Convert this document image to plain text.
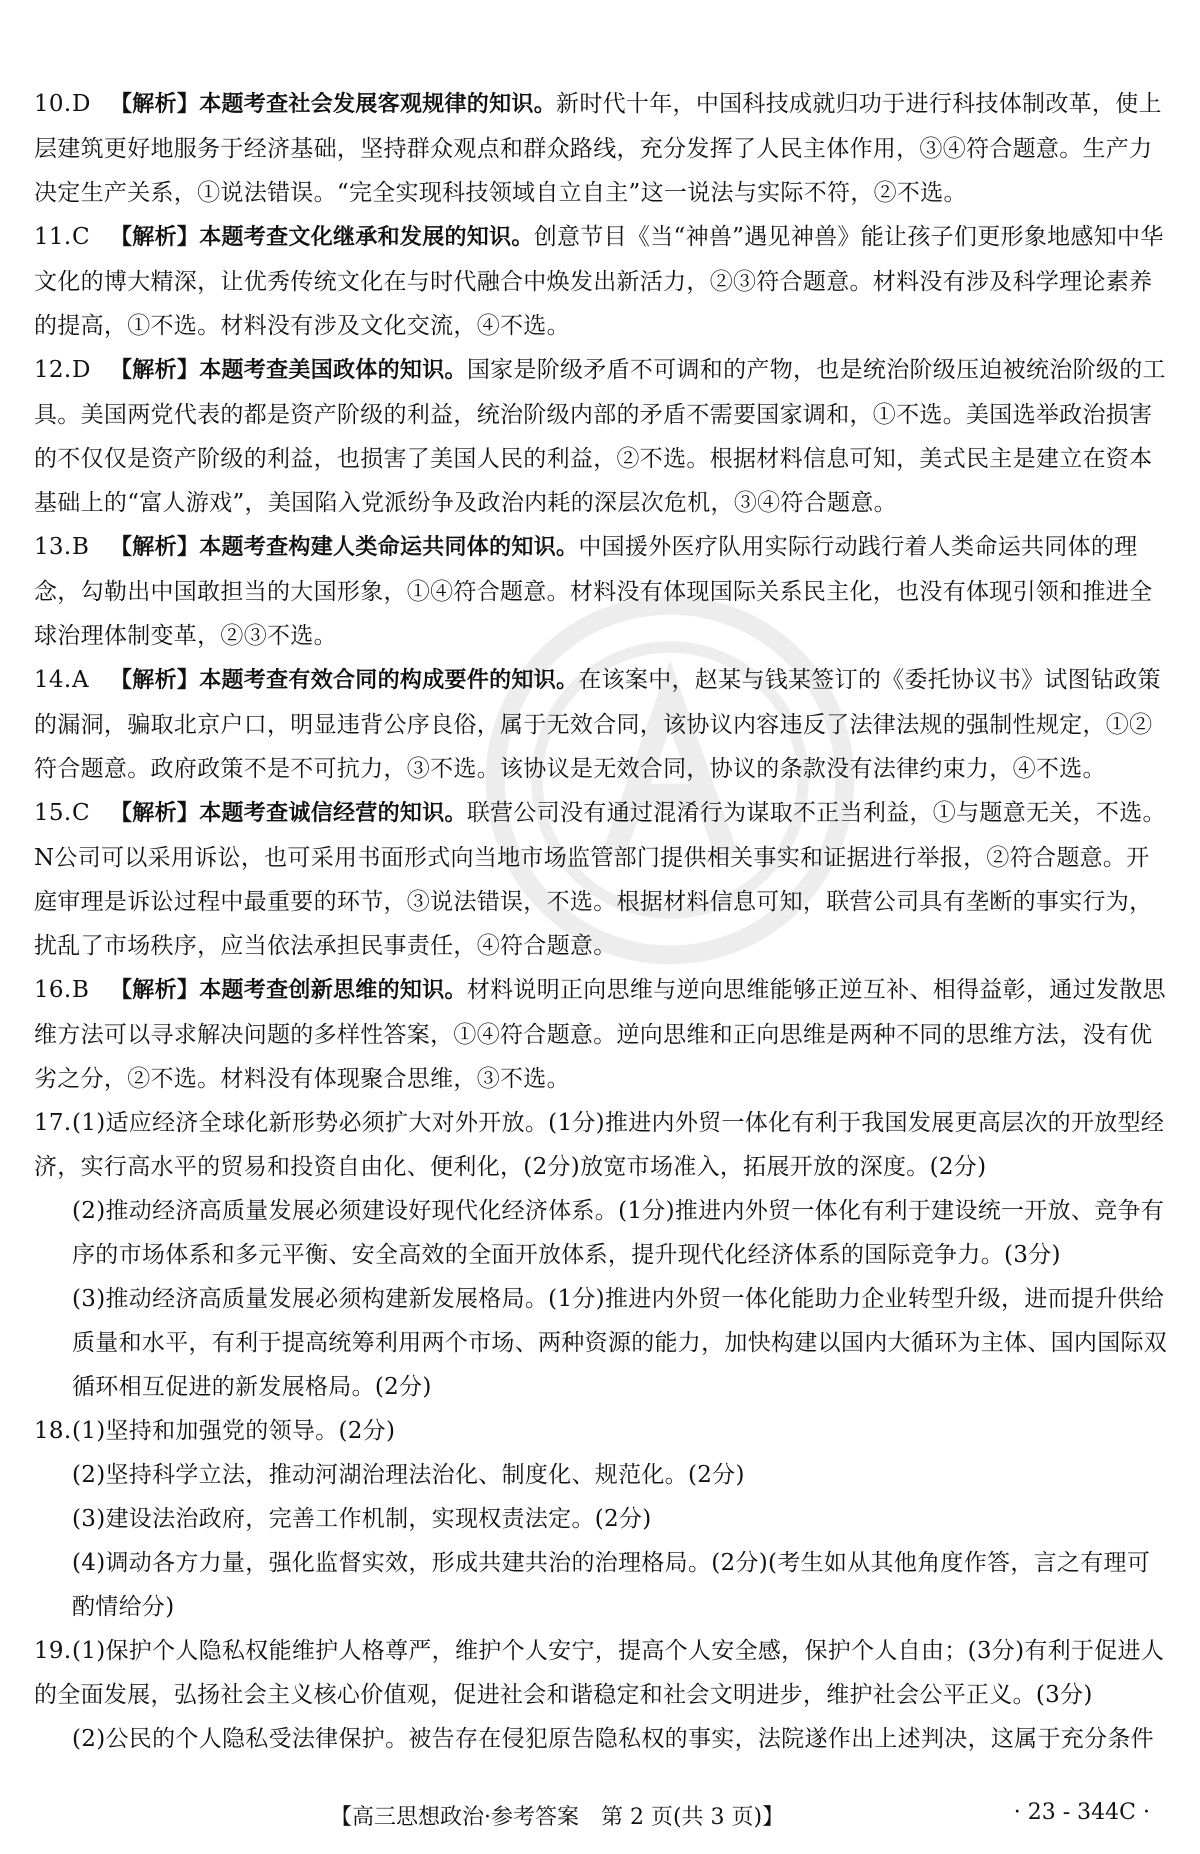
10.D 【解析】本题考查社会发展客观规律的知识。新时代十年，中国科技成就归功于进行科技体制改革，使上层建筑更好地服务于经济基础，坚持群众观点和群众路线，充分发挥了人民主体作用，③④符合题意。生产力决定生产关系，①说法错误。“完全实现科技领域自立自主”这一说法与实际不符，②不选。
11.C 【解析】本题考查文化继承和发展的知识。创意节目《当“神兽”遇见神兽》能让孩子们更形象地感知中华文化的博大精深，让优秀传统文化在与时代融合中焕发出新活力，②③符合题意。材料没有涉及科学理论素养的提高，①不选。材料没有涉及文化交流，④不选。
12.D 【解析】本题考查美国政体的知识。国家是阶级矛盾不可调和的产物，也是统治阶级压迫被统治阶级的工具。美国两党代表的都是资产阶级的利益，统治阶级内部的矛盾不需要国家调和，①不选。美国选举政治损害的不仅仅是资产阶级的利益，也损害了美国人民的利益，②不选。根据材料信息可知，美式民主是建立在资本基础上的“富人游戏”，美国陷入党派纷争及政治内耗的深层次危机，③④符合题意。
13.B 【解析】本题考查构建人类命运共同体的知识。中国援外医疗队用实际行动践行着人类命运共同体的理念，勾勒出中国敢担当的大国形象，①④符合题意。材料没有体现国际关系民主化，也没有体现引领和推进全球治理体制变革，②③不选。
14.A 【解析】本题考查有效合同的构成要件的知识。在该案中，赵某与钱某签订的《委托协议书》试图钻政策的漏洞，骗取北京户口，明显违背公序良俗，属于无效合同，该协议内容违反了法律法规的强制性规定，①②符合题意。政府政策不是不可抗力，③不选。该协议是无效合同，协议的条款没有法律约束力，④不选。
15.C 【解析】本题考查诚信经营的知识。联营公司没有通过混淆行为谋取不正当利益，①与题意无关，不选。N公司可以采用诉讼，也可采用书面形式向当地市场监管部门提供相关事实和证据进行举报，②符合题意。开庭审理是诉讼过程中最重要的环节，③说法错误，不选。根据材料信息可知，联营公司具有垄断的事实行为，扰乱了市场秩序，应当依法承担民事责任，④符合题意。
16.B 【解析】本题考查创新思维的知识。材料说明正向思维与逆向思维能够正逆互补、相得益彰，通过发散思维方法可以寻求解决问题的多样性答案，①④符合题意。逆向思维和正向思维是两种不同的思维方法，没有优劣之分，②不选。材料没有体现聚合思维，③不选。
17.(1)适应经济全球化新形势必须扩大对外开放。(1分)推进内外贸一体化有利于我国发展更高层次的开放型经济，实行高水平的贸易和投资自由化、便利化，(2分)放宽市场准入，拓展开放的深度。(2分)
(2)推动经济高质量发展必须建设好现代化经济体系。(1分)推进内外贸一体化有利于建设统一开放、竞争有序的市场体系和多元平衡、安全高效的全面开放体系，提升现代化经济体系的国际竞争力。(3分)
(3)推动经济高质量发展必须构建新发展格局。(1分)推进内外贸一体化能助力企业转型升级，进而提升供给质量和水平，有利于提高统筹利用两个市场、两种资源的能力，加快构建以国内大循环为主体、国内国际双循环相互促进的新发展格局。(2分)
18.(1)坚持和加强党的领导。(2分)
(2)坚持科学立法，推动河湖治理法治化、制度化、规范化。(2分)
(3)建设法治政府，完善工作机制，实现权责法定。(2分)
(4)调动各方力量，强化监督实效，形成共建共治的治理格局。(2分)(考生如从其他角度作答，言之有理可酌情给分)
19.(1)保护个人隐私权能维护人格尊严，维护个人安宁，提高个人安全感，保护个人自由；(3分)有利于促进人的全面发展，弘扬社会主义核心价值观，促进社会和谐稳定和社会文明进步，维护社会公平正义。(3分)
(2)公民的个人隐私受法律保护。被告存在侵犯原告隐私权的事实，法院遂作出上述判决，这属于充分条件
【高三思想政治·参考答案　第 2 页(共 3 页)】	· 23 - 344C ·
